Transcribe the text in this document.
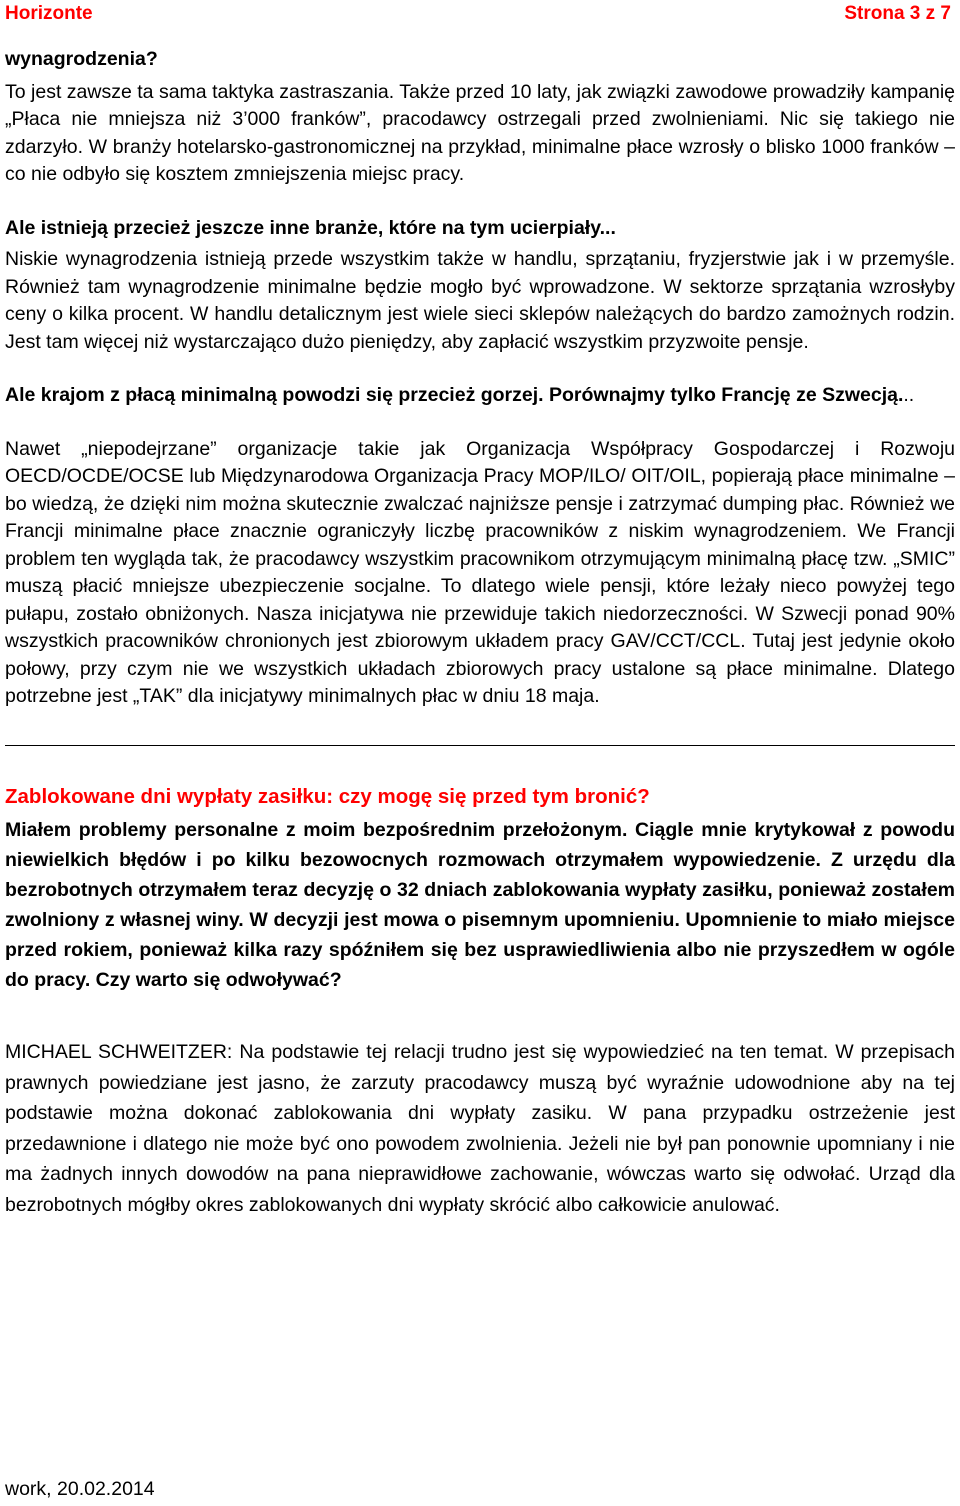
Horizonte	Strona 3 z 7

wynagrodzenia?

To jest zawsze ta sama taktyka zastraszania. Także przed 10 laty, jak związki zawodowe prowadziły kampanię „Płaca nie mniejsza niż 3’000 franków”, pracodawcy ostrzegali przed zwolnieniami. Nic się takiego nie zdarzyło. W branży hotelarsko-gastronomicznej na przykład, minimalne płace wzrosły o blisko 1000 franków – co nie odbyło się kosztem zmniejszenia miejsc pracy.

Ale istnieją przecież jeszcze inne branże, które na tym ucierpiały...

Niskie wynagrodzenia istnieją przede wszystkim także w handlu, sprzątaniu, fryzjerstwie jak i w przemyśle. Również tam wynagrodzenie minimalne będzie mogło być wprowadzone. W sektorze sprzątania wzrosłyby ceny o kilka procent. W handlu detalicznym jest wiele sieci sklepów należących do bardzo zamożnych rodzin. Jest tam więcej niż wystarczająco dużo pieniędzy, aby zapłacić wszystkim przyzwoite pensje.

Ale krajom z płacą minimalną powodzi się przecież gorzej. Porównajmy tylko Francję ze Szwecją...

Nawet „niepodejrzane” organizacje takie jak Organizacja Współpracy Gospodarczej i Rozwoju OECD/OCDE/OCSE lub Międzynarodowa Organizacja Pracy MOP/ILO/ OIT/OIL, popierają płace minimalne – bo wiedzą, że dzięki nim można skutecznie zwalczać najniższe pensje i zatrzymać dumping płac. Również we Francji minimalne płace znacznie ograniczyły liczbę pracowników z niskim wynagrodzeniem. We Francji problem ten wygląda tak, że pracodawcy wszystkim pracownikom otrzymującym minimalną płacę tzw. „SMIC” muszą płacić mniejsze ubezpieczenie socjalne. To dlatego wiele pensji, które leżały nieco powyżej tego pułapu, zostało obniżonych. Nasza inicjatywa nie przewiduje takich niedorzeczności. W Szwecji ponad 90% wszystkich pracowników chronionych jest zbiorowym układem pracy GAV/CCT/CCL. Tutaj jest jedynie około połowy, przy czym nie we wszystkich układach zbiorowych pracy ustalone są płace minimalne. Dlatego potrzebne jest „TAK” dla inicjatywy minimalnych płac w dniu 18 maja.

Zablokowane dni wypłaty zasiłku: czy mogę się przed tym bronić?

Miałem problemy personalne z moim bezpośrednim przełożonym. Ciągle mnie krytykował z powodu niewielkich błędów i po kilku bezowocnych rozmowach otrzymałem wypowiedzenie. Z urzędu dla bezrobotnych otrzymałem teraz decyzję o 32 dniach zablokowania wypłaty zasiłku, ponieważ zostałem zwolniony z własnej winy. W decyzji jest mowa o pisemnym upomnieniu. Upomnienie to miało miejsce przed rokiem, ponieważ kilka razy spóźniłem się bez usprawiedliwienia albo nie przyszedłem w ogóle do pracy. Czy warto się odwoływać?

MICHAEL SCHWEITZER: Na podstawie tej relacji trudno jest się wypowiedzieć na ten temat. W przepisach prawnych powiedziane jest jasno, że zarzuty pracodawcy muszą być wyraźnie udowodnione aby na tej podstawie można dokonać zablokowania dni wypłaty zasiku. W pana przypadku ostrzeżenie jest przedawnione i dlatego nie może być ono powodem zwolnienia. Jeżeli nie był pan ponownie upomniany i nie ma żadnych innych dowodów na pana nieprawidłowe zachowanie, wówczas warto się odwołać. Urząd dla bezrobotnych mógłby okres zablokowanych dni wypłaty skrócić albo całkowicie anulować.

work, 20.02.2014
